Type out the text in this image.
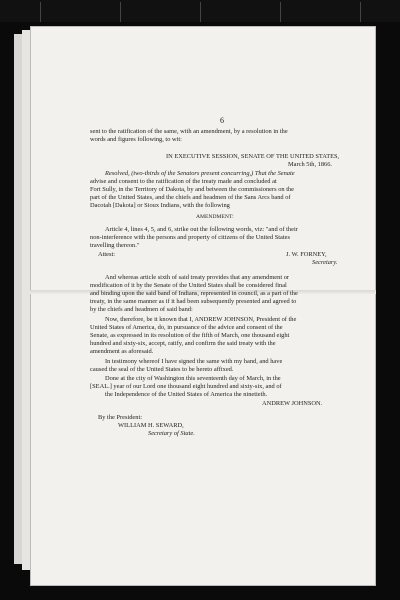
6
sent to the ratification of the same, with an amendment, by a resolution in the
words and figures following, to wit:
IN EXECUTIVE SESSION, SENATE OF THE UNITED STATES,
March 5th, 1866.
Resolved, (two-thirds of the Senators present concurring,) That the Senate
advise and consent to the ratification of the treaty made and concluded at
Fort Sully, in the Territory of Dakota, by and between the commissioners on the
part of the United States, and the chiefs and headmen of the Sans Arcs band of
Dacotah [Dakota] or Sioux Indians, with the following
AMENDMENT:
Article 4, lines 4, 5, and 6, strike out the following words, viz: "and of their
non-interference with the persons and property of citizens of the United States
travelling thereon."
Attest:	J. W. FORNEY,
Secretary.
And whereas article sixth of said treaty provides that any amendment or
modification of it by the Senate of the United States shall be considered final
and binding upon the said band of Indians, represented in council, as a part of the
treaty, in the same manner as if it had been subsequently presented and agreed to
by the chiefs and headmen of said band:
Now, therefore, be it known that I, ANDREW JOHNSON, President of the
United States of America, do, in pursuance of the advice and consent of the
Senate, as expressed in its resolution of the fifth of March, one thousand eight
hundred and sixty-six, accept, ratify, and confirm the said treaty with the
amendment as aforesaid.
In testimony whereof I have signed the same with my hand, and have
caused the seal of the United States to be hereto affixed.
Done at the city of Washington this seventeenth day of March, in the
[SEAL.] year of our Lord one thousand eight hundred and sixty-six, and of
the Independence of the United States of America the ninetieth.
ANDREW JOHNSON.
By the President:
WILLIAM H. SEWARD,
Secretary of State.
